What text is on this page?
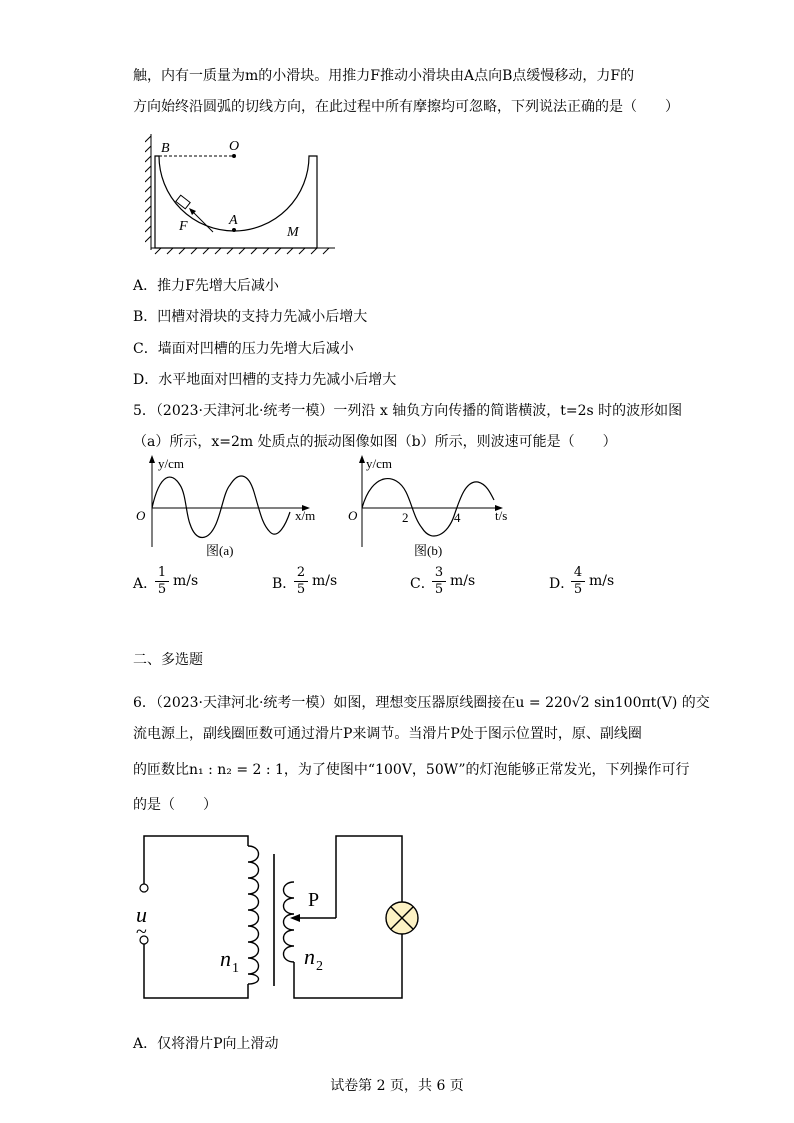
触，内有一质量为m的小滑块。用推力F推动小滑块由A点向B点缓慢移动，力F的
方向始终沿圆弧的切线方向，在此过程中所有摩擦均可忽略，下列说法正确的是（　　）
B	O
A
F	M
A．推力F先增大后减小
B．凹槽对滑块的支持力先减小后增大
C．墙面对凹槽的压力先增大后减小
D．水平地面对凹槽的支持力先减小后增大
5．（2023·天津河北·统考一模）一列沿 x 轴负方向传播的简谐横波，t=2s 时的波形如图
（a）所示，x=2m 处质点的振动图像如图（b）所示，则波速可能是（　　）
y/cm
O	x/m
图(a)
y/cm
O	2	4	t/s
图(b)
A．
$\frac{1}{5} m/s$	B．
$\frac{2}{5} m/s$	C．
$\frac{3}{5} m/s$	D．
$\frac{4}{5} m/s$
二、多选题
6．（2023·天津河北·统考一模）如图，理想变压器原线圈接在u = 220√2 sin100πt(V) 的交
流电源上，副线圈匝数可通过滑片P来调节。当滑片P处于图示位置时，原、副线圈
的匝数比n₁ : n₂ = 2 : 1，为了使图中“100V，50W”的灯泡能够正常发光，下列操作可行
的是（　　）
u
~
n 1	n 2
P
A．仅将滑片P向上滑动
试卷第 2 页，共 6 页
